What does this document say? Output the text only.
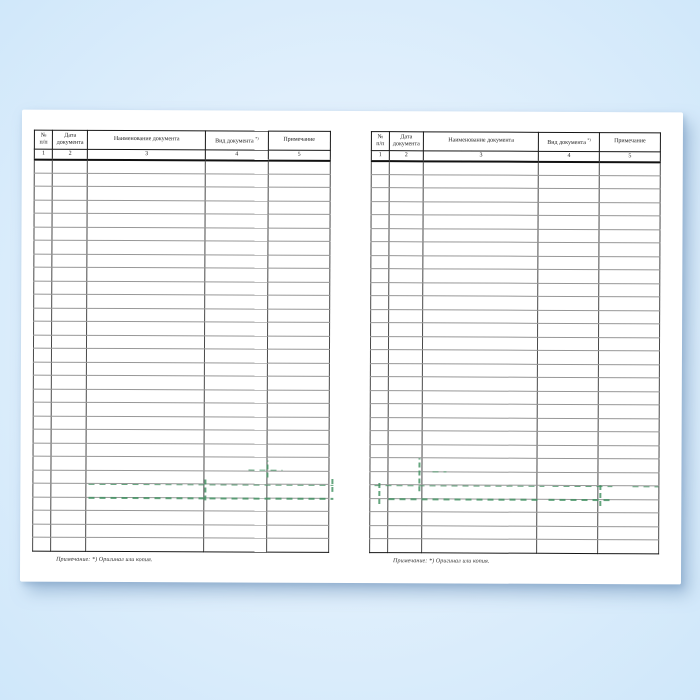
№ п/п	Дата документа	Наименование документа	Вид документа *)	Примечание
1	2	3	4	5

Примечание: *) Оригинал или копия.
№ п/п	Дата документа	Наименование документа	Вид документа *)	Примечание
1	2	3	4	5

Примечание: *) Оригинал или копия.
